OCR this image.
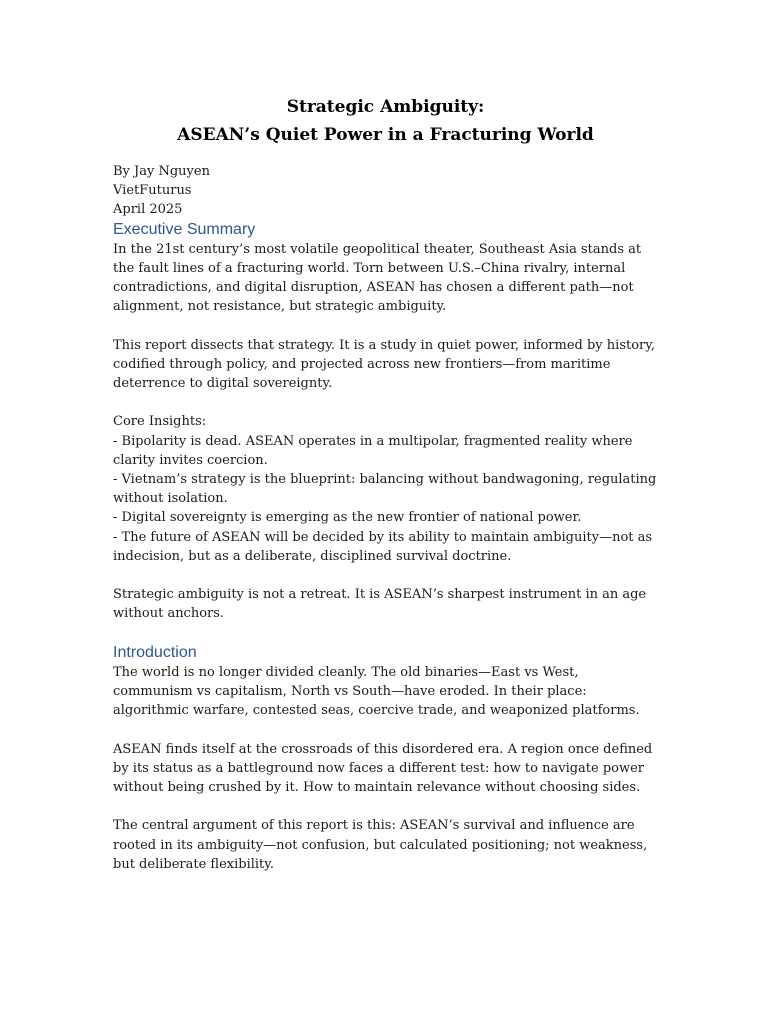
Strategic Ambiguity:
ASEAN’s Quiet Power in a Fracturing World
By Jay Nguyen
VietFuturus
April 2025
Executive Summary

In the 21st century’s most volatile geopolitical theater, Southeast Asia stands at the fault lines of a fracturing world. Torn between U.S.–China rivalry, internal contradictions, and digital disruption, ASEAN has chosen a different path—not alignment, not resistance, but strategic ambiguity.

This report dissects that strategy. It is a study in quiet power, informed by history, codified through policy, and projected across new frontiers—from maritime deterrence to digital sovereignty.

Core Insights:
- Bipolarity is dead. ASEAN operates in a multipolar, fragmented reality where clarity invites coercion.
- Vietnam’s strategy is the blueprint: balancing without bandwagoning, regulating without isolation.
- Digital sovereignty is emerging as the new frontier of national power.
- The future of ASEAN will be decided by its ability to maintain ambiguity—not as indecision, but as a deliberate, disciplined survival doctrine.

Strategic ambiguity is not a retreat. It is ASEAN’s sharpest instrument in an age without anchors.

Introduction

The world is no longer divided cleanly. The old binaries—East vs West, communism vs capitalism, North vs South—have eroded. In their place: algorithmic warfare, contested seas, coercive trade, and weaponized platforms.

ASEAN finds itself at the crossroads of this disordered era. A region once defined by its status as a battleground now faces a different test: how to navigate power without being crushed by it. How to maintain relevance without choosing sides.

The central argument of this report is this: ASEAN’s survival and influence are rooted in its ambiguity—not confusion, but calculated positioning; not weakness, but deliberate flexibility.
